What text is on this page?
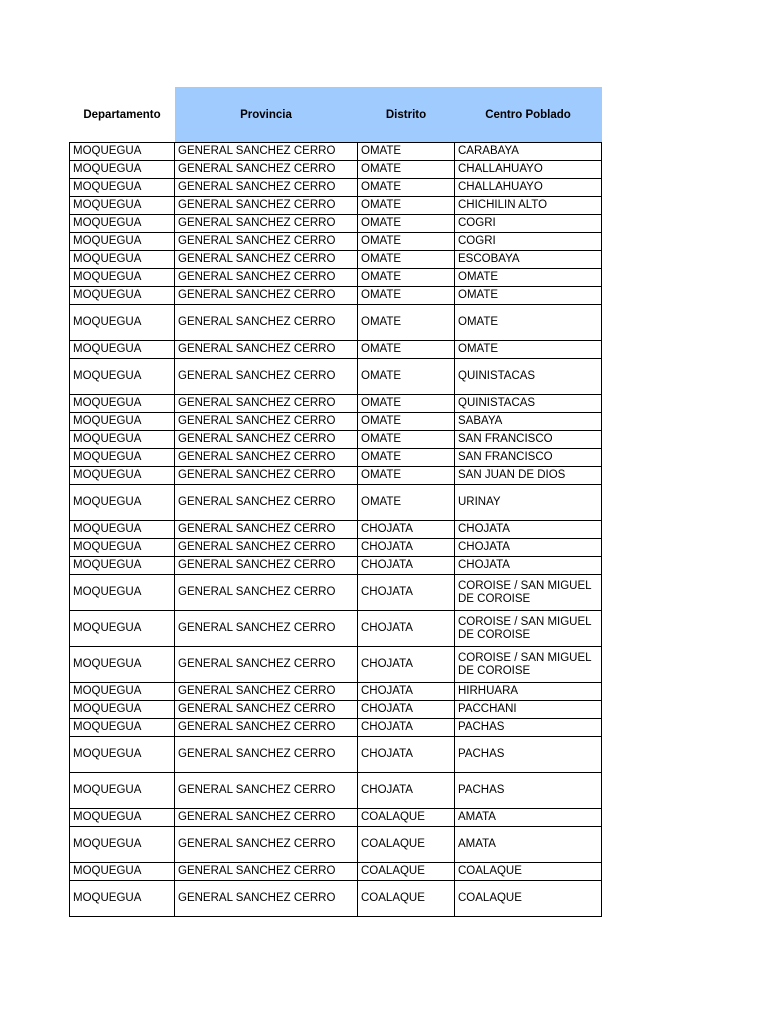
Departamento	Provincia	Distrito	Centro Poblado
MOQUEGUA	GENERAL SANCHEZ CERRO	OMATE	CARABAYA
MOQUEGUA	GENERAL SANCHEZ CERRO	OMATE	CHALLAHUAYO
MOQUEGUA	GENERAL SANCHEZ CERRO	OMATE	CHALLAHUAYO
MOQUEGUA	GENERAL SANCHEZ CERRO	OMATE	CHICHILIN ALTO
MOQUEGUA	GENERAL SANCHEZ CERRO	OMATE	COGRI
MOQUEGUA	GENERAL SANCHEZ CERRO	OMATE	COGRI
MOQUEGUA	GENERAL SANCHEZ CERRO	OMATE	ESCOBAYA
MOQUEGUA	GENERAL SANCHEZ CERRO	OMATE	OMATE
MOQUEGUA	GENERAL SANCHEZ CERRO	OMATE	OMATE
MOQUEGUA	GENERAL SANCHEZ CERRO	OMATE	OMATE
MOQUEGUA	GENERAL SANCHEZ CERRO	OMATE	OMATE
MOQUEGUA	GENERAL SANCHEZ CERRO	OMATE	QUINISTACAS
MOQUEGUA	GENERAL SANCHEZ CERRO	OMATE	QUINISTACAS
MOQUEGUA	GENERAL SANCHEZ CERRO	OMATE	SABAYA
MOQUEGUA	GENERAL SANCHEZ CERRO	OMATE	SAN FRANCISCO
MOQUEGUA	GENERAL SANCHEZ CERRO	OMATE	SAN FRANCISCO
MOQUEGUA	GENERAL SANCHEZ CERRO	OMATE	SAN JUAN DE DIOS
MOQUEGUA	GENERAL SANCHEZ CERRO	OMATE	URINAY
MOQUEGUA	GENERAL SANCHEZ CERRO	CHOJATA	CHOJATA
MOQUEGUA	GENERAL SANCHEZ CERRO	CHOJATA	CHOJATA
MOQUEGUA	GENERAL SANCHEZ CERRO	CHOJATA	CHOJATA
MOQUEGUA	GENERAL SANCHEZ CERRO	CHOJATA	COROISE / SAN MIGUEL DE COROISE
MOQUEGUA	GENERAL SANCHEZ CERRO	CHOJATA	COROISE / SAN MIGUEL DE COROISE
MOQUEGUA	GENERAL SANCHEZ CERRO	CHOJATA	COROISE / SAN MIGUEL DE COROISE
MOQUEGUA	GENERAL SANCHEZ CERRO	CHOJATA	HIRHUARA
MOQUEGUA	GENERAL SANCHEZ CERRO	CHOJATA	PACCHANI
MOQUEGUA	GENERAL SANCHEZ CERRO	CHOJATA	PACHAS
MOQUEGUA	GENERAL SANCHEZ CERRO	CHOJATA	PACHAS
MOQUEGUA	GENERAL SANCHEZ CERRO	CHOJATA	PACHAS
MOQUEGUA	GENERAL SANCHEZ CERRO	COALAQUE	AMATA
MOQUEGUA	GENERAL SANCHEZ CERRO	COALAQUE	AMATA
MOQUEGUA	GENERAL SANCHEZ CERRO	COALAQUE	COALAQUE
MOQUEGUA	GENERAL SANCHEZ CERRO	COALAQUE	COALAQUE
